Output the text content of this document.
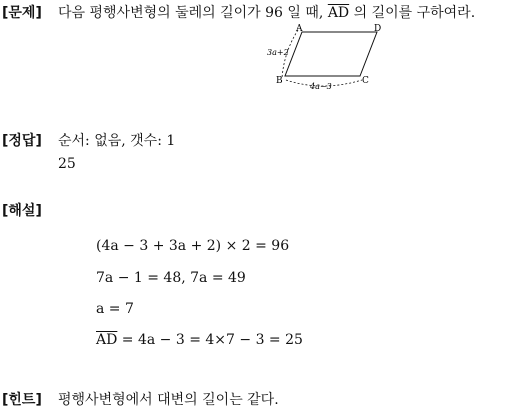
[문제] 다음 평행사변형의 둘레의 길이가 96 일 때, $\overline{AD}$ 의 길이를 구하여라.
A	D
B	C
3a+2
4a−3
[정답] 순서: 없음, 갯수: 1
25
[해설]
(4a − 3 + 3a + 2) × 2 = 96
7a − 1 = 48, 7a = 49
a = 7
$\overline{AD} = 4a - 3 = 4\times 7 - 3 = 25$
[힌트] 평행사변형에서 대변의 길이는 같다.
